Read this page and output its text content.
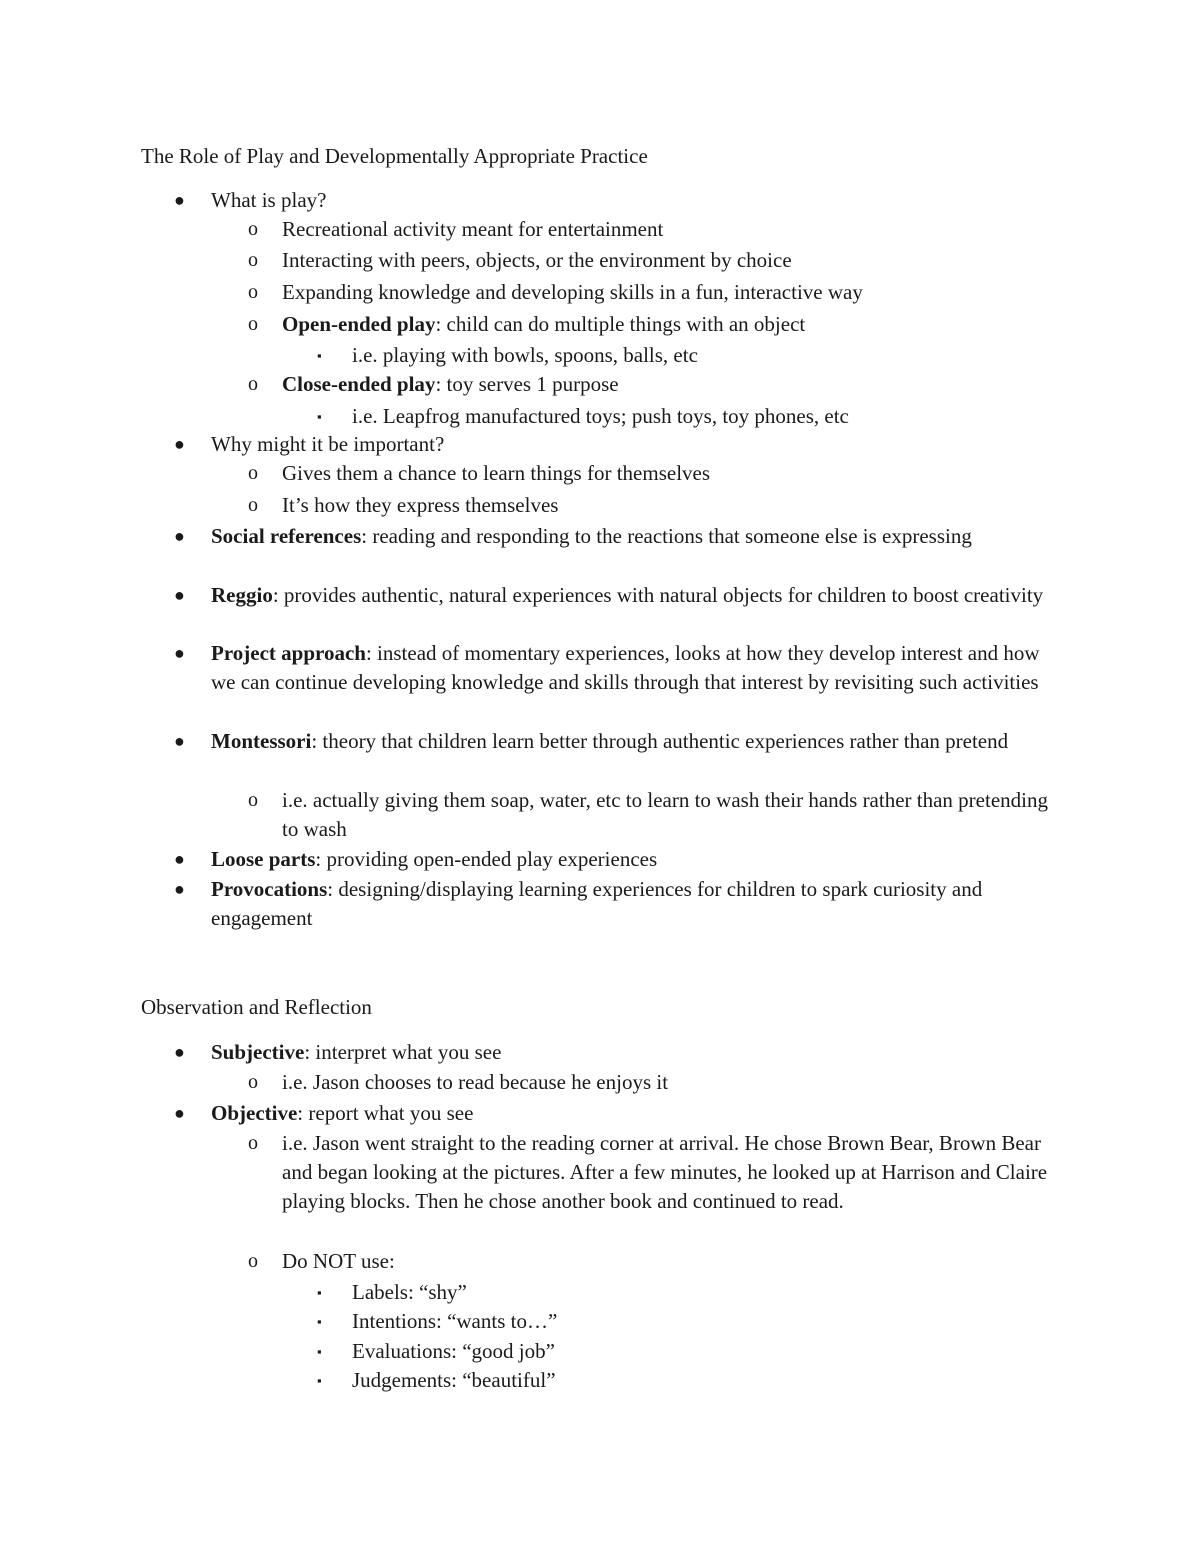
The Role of Play and Developmentally Appropriate Practice
● What is play?
o Recreational activity meant for entertainment
o Interacting with peers, objects, or the environment by choice
o Expanding knowledge and developing skills in a fun, interactive way
o Open-ended play: child can do multiple things with an object
▪ i.e. playing with bowls, spoons, balls, etc
o Close-ended play: toy serves 1 purpose
▪ i.e. Leapfrog manufactured toys; push toys, toy phones, etc
● Why might it be important?
o Gives them a chance to learn things for themselves
o It’s how they express themselves
● Social references: reading and responding to the reactions that someone else is expressing
● Reggio: provides authentic, natural experiences with natural objects for children to boost creativity
● Project approach: instead of momentary experiences, looks at how they develop interest and how we can continue developing knowledge and skills through that interest by revisiting such activities
● Montessori: theory that children learn better through authentic experiences rather than pretend
o i.e. actually giving them soap, water, etc to learn to wash their hands rather than pretending to wash
● Loose parts: providing open-ended play experiences
● Provocations: designing/displaying learning experiences for children to spark curiosity and engagement
Observation and Reflection
● Subjective: interpret what you see
o i.e. Jason chooses to read because he enjoys it
● Objective: report what you see
o i.e. Jason went straight to the reading corner at arrival. He chose Brown Bear, Brown Bear and began looking at the pictures. After a few minutes, he looked up at Harrison and Claire playing blocks. Then he chose another book and continued to read.
o Do NOT use:
▪ Labels: “shy”
▪ Intentions: “wants to…”
▪ Evaluations: “good job”
▪ Judgements: “beautiful”
